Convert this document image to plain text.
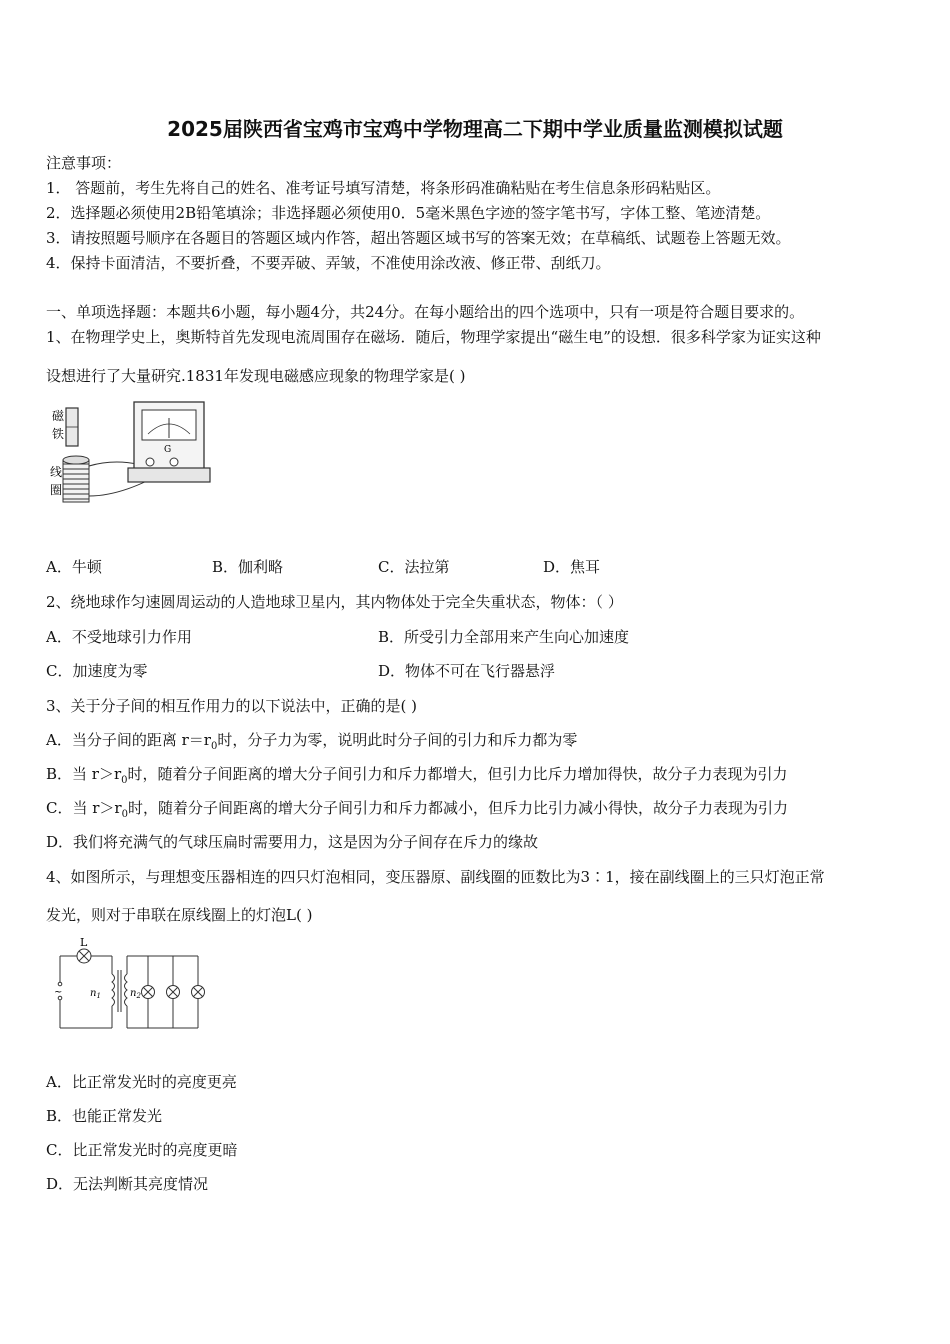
2025届陕西省宝鸡市宝鸡中学物理高二下期中学业质量监测模拟试题
注意事项：
1． 答题前，考生先将自己的姓名、准考证号填写清楚，将条形码准确粘贴在考生信息条形码粘贴区。
2．选择题必须使用2B铅笔填涂；非选择题必须使用0．5毫米黑色字迹的签字笔书写，字体工整、笔迹清楚。
3．请按照题号顺序在各题目的答题区域内作答，超出答题区域书写的答案无效；在草稿纸、试题卷上答题无效。
4．保持卡面清洁，不要折叠，不要弄破、弄皱，不准使用涂改液、修正带、刮纸刀。
一、单项选择题：本题共6小题，每小题4分，共24分。在每小题给出的四个选项中，只有一项是符合题目要求的。
1、在物理学史上，奥斯特首先发现电流周围存在磁场．随后，物理学家提出“磁生电”的设想．很多科学家为证实这种
设想进行了大量研究.1831年发现电磁感应现象的物理学家是( )
磁
铁
线
圈
G
A．牛顿	B．伽利略	C．法拉第	D．焦耳
2、绕地球作匀速圆周运动的人造地球卫星内，其内物体处于完全失重状态，物体：（ ）
A．不受地球引力作用	B．所受引力全部用来产生向心加速度
C．加速度为零	D．物体不可在飞行器悬浮
3、关于分子间的相互作用力的以下说法中，正确的是( )
A．当分子间的距离 $r=r_0$时，分子力为零，说明此时分子间的引力和斥力都为零
B．当 $r>r_0$时，随着分子间距离的增大分子间引力和斥力都增大，但引力比斥力增加得快，故分子力表现为引力
C．当 $r>r_0$时，随着分子间距离的增大分子间引力和斥力都减小，但斥力比引力减小得快，故分子力表现为引力
D．我们将充满气的气球压扁时需要用力，这是因为分子间存在斥力的缘故
4、如图所示，与理想变压器相连的四只灯泡相同，变压器原、副线圈的匝数比为3∶1，接在副线圈上的三只灯泡正常
发光，则对于串联在原线圈上的灯泡L( )
~
L
$n_1$	$n_2$
A．比正常发光时的亮度更亮
B．也能正常发光
C．比正常发光时的亮度更暗
D．无法判断其亮度情况
